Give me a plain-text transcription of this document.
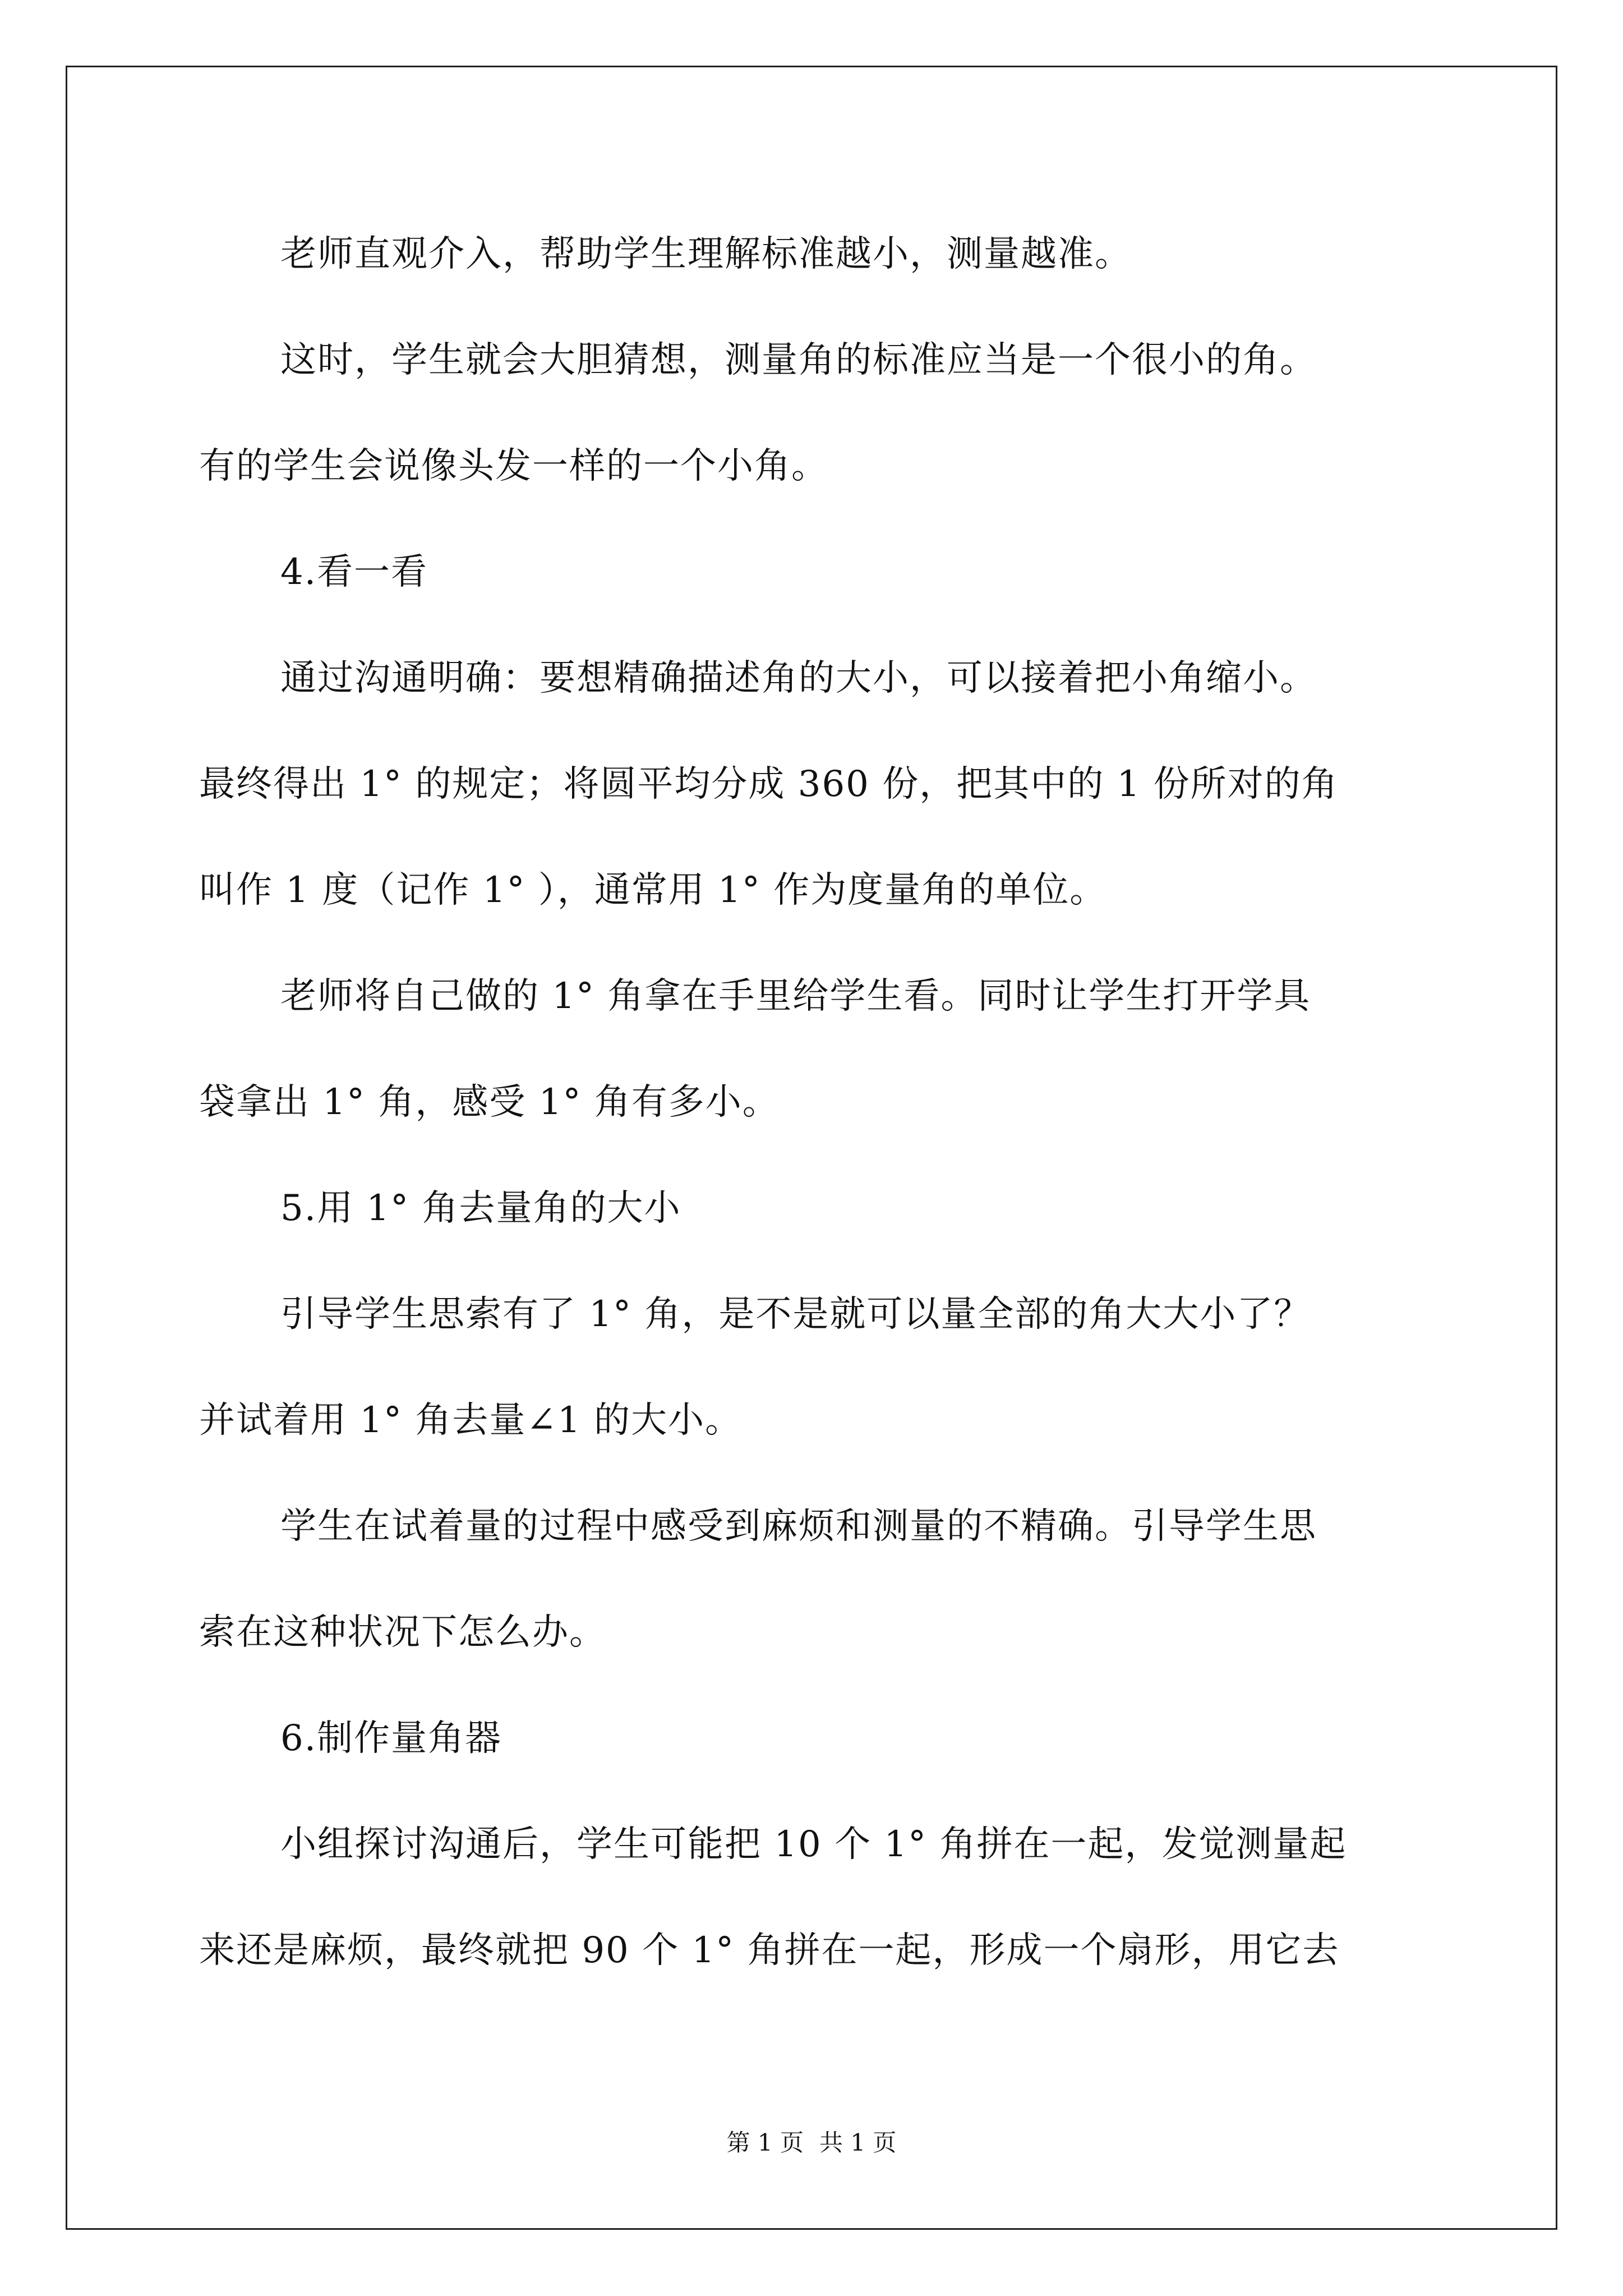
老师直观介入，帮助学生理解标准越小，测量越准。
这时，学生就会大胆猜想，测量角的标准应当是一个很小的角。
有的学生会说像头发一样的一个小角。
4.看一看
通过沟通明确：要想精确描述角的大小，可以接着把小角缩小。
最终得出 1° 的规定；将圆平均分成 360 份，把其中的 1 份所对的角
叫作 1 度（记作 1° ），通常用 1° 作为度量角的单位。
老师将自己做的 1° 角拿在手里给学生看。同时让学生打开学具
袋拿出 1° 角，感受 1° 角有多小。
5.用 1° 角去量角的大小
引导学生思索有了 1° 角，是不是就可以量全部的角大大小了？
并试着用 1° 角去量∠1 的大小。
学生在试着量的过程中感受到麻烦和测量的不精确。引导学生思
索在这种状况下怎么办。
6.制作量角器
小组探讨沟通后，学生可能把 10 个 1° 角拼在一起，发觉测量起
来还是麻烦，最终就把 90 个 1° 角拼在一起，形成一个扇形，用它去
第 1 页 共 1 页
